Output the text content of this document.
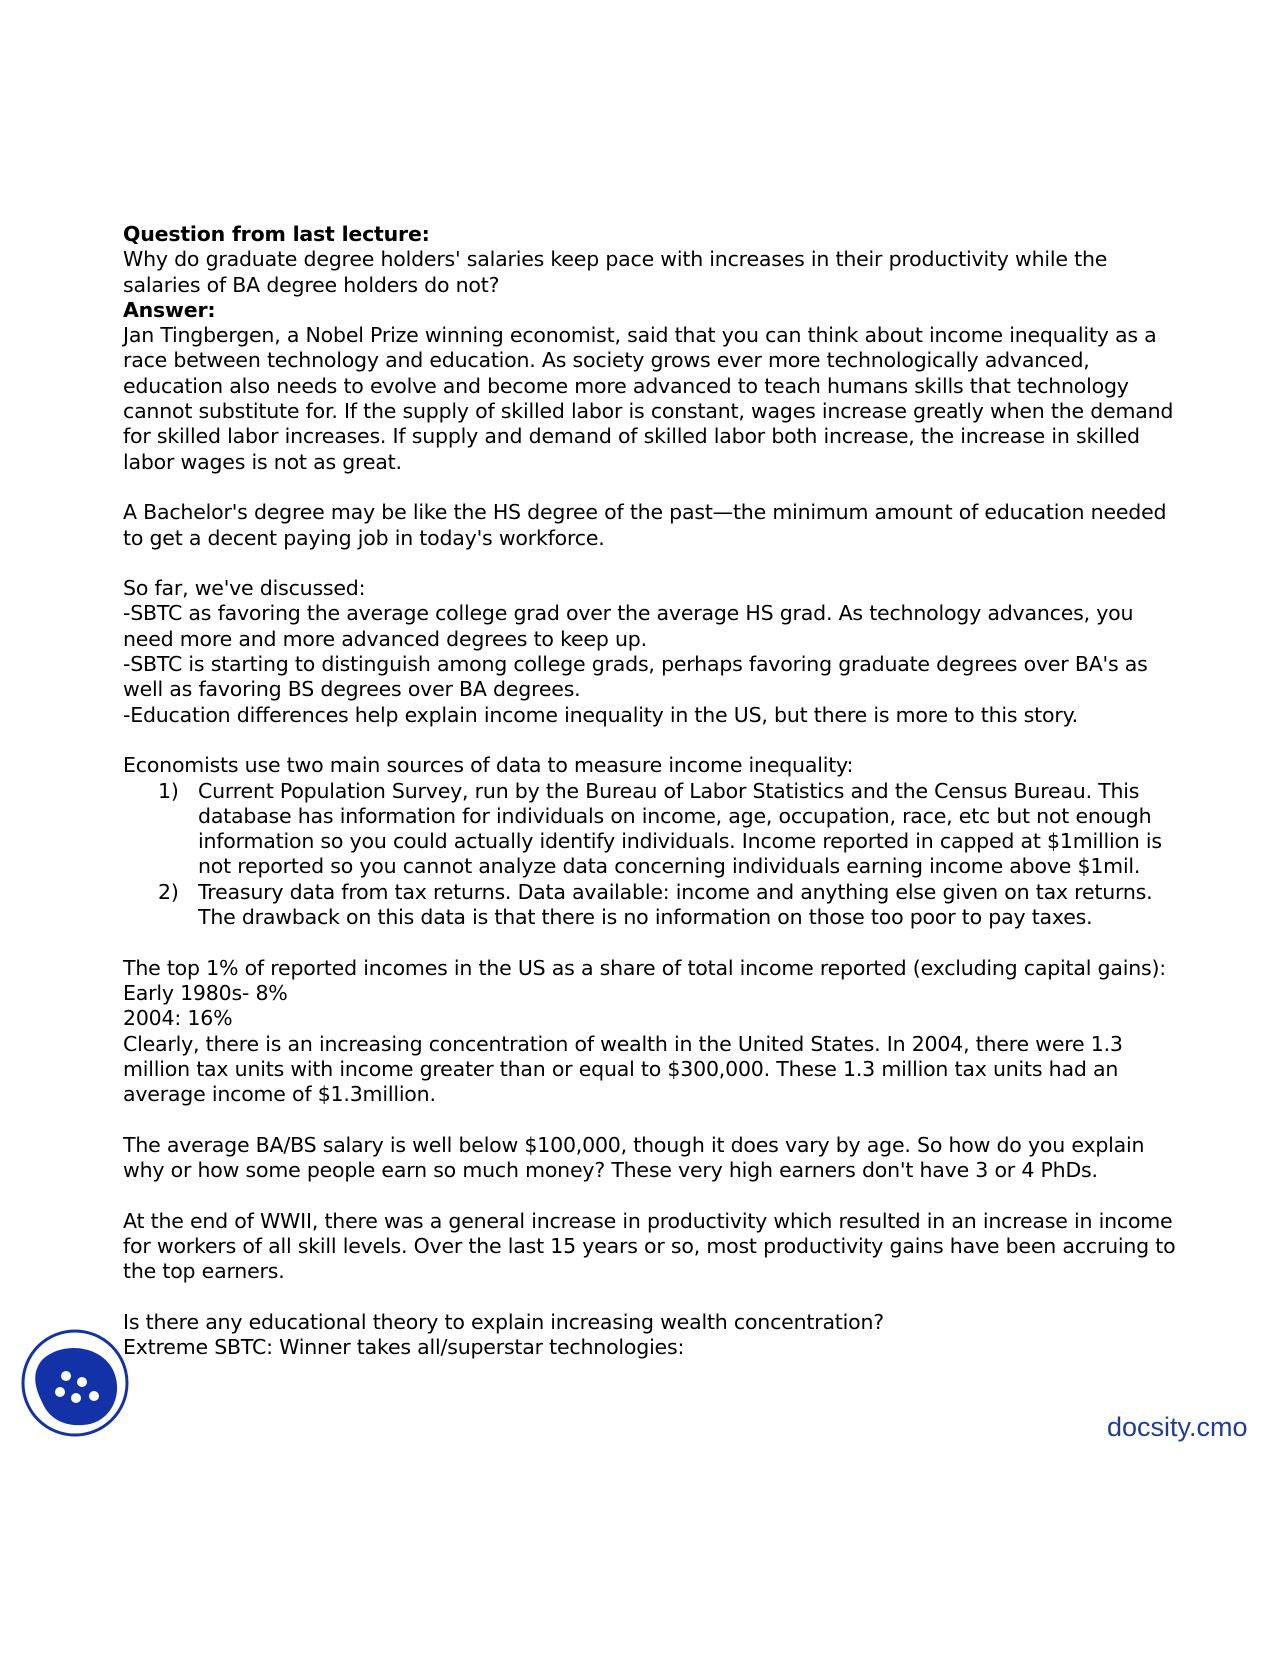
Question from last lecture:

Why do graduate degree holders' salaries keep pace with increases in their productivity while the salaries of BA degree holders do not?

Answer:

Jan Tingbergen, a Nobel Prize winning economist, said that you can think about income inequality as a race between technology and education. As society grows ever more technologically advanced, education also needs to evolve and become more advanced to teach humans skills that technology cannot substitute for. If the supply of skilled labor is constant, wages increase greatly when the demand for skilled labor increases. If supply and demand of skilled labor both increase, the increase in skilled labor wages is not as great.

A Bachelor's degree may be like the HS degree of the past—the minimum amount of education needed to get a decent paying job in today's workforce.

So far, we've discussed:

-SBTC as favoring the average college grad over the average HS grad. As technology advances, you need more and more advanced degrees to keep up.

-SBTC is starting to distinguish among college grads, perhaps favoring graduate degrees over BA's as well as favoring BS degrees over BA degrees.

-Education differences help explain income inequality in the US, but there is more to this story.

Economists use two main sources of data to measure income inequality:

1) Current Population Survey, run by the Bureau of Labor Statistics and the Census Bureau. This database has information for individuals on income, age, occupation, race, etc but not enough information so you could actually identify individuals. Income reported in capped at $1million is not reported so you cannot analyze data concerning individuals earning income above $1mil.
2) Treasury data from tax returns. Data available: income and anything else given on tax returns. The drawback on this data is that there is no information on those too poor to pay taxes.

The top 1% of reported incomes in the US as a share of total income reported (excluding capital gains):

Early 1980s- 8%

2004: 16%

Clearly, there is an increasing concentration of wealth in the United States. In 2004, there were 1.3 million tax units with income greater than or equal to $300,000. These 1.3 million tax units had an average income of $1.3million.

The average BA/BS salary is well below $100,000, though it does vary by age. So how do you explain why or how some people earn so much money? These very high earners don't have 3 or 4 PhDs.

At the end of WWII, there was a general increase in productivity which resulted in an increase in income for workers of all skill levels. Over the last 15 years or so, most productivity gains have been accruing to the top earners.

Is there any educational theory to explain increasing wealth concentration?

Extreme SBTC: Winner takes all/superstar technologies:

docsity.cmo
